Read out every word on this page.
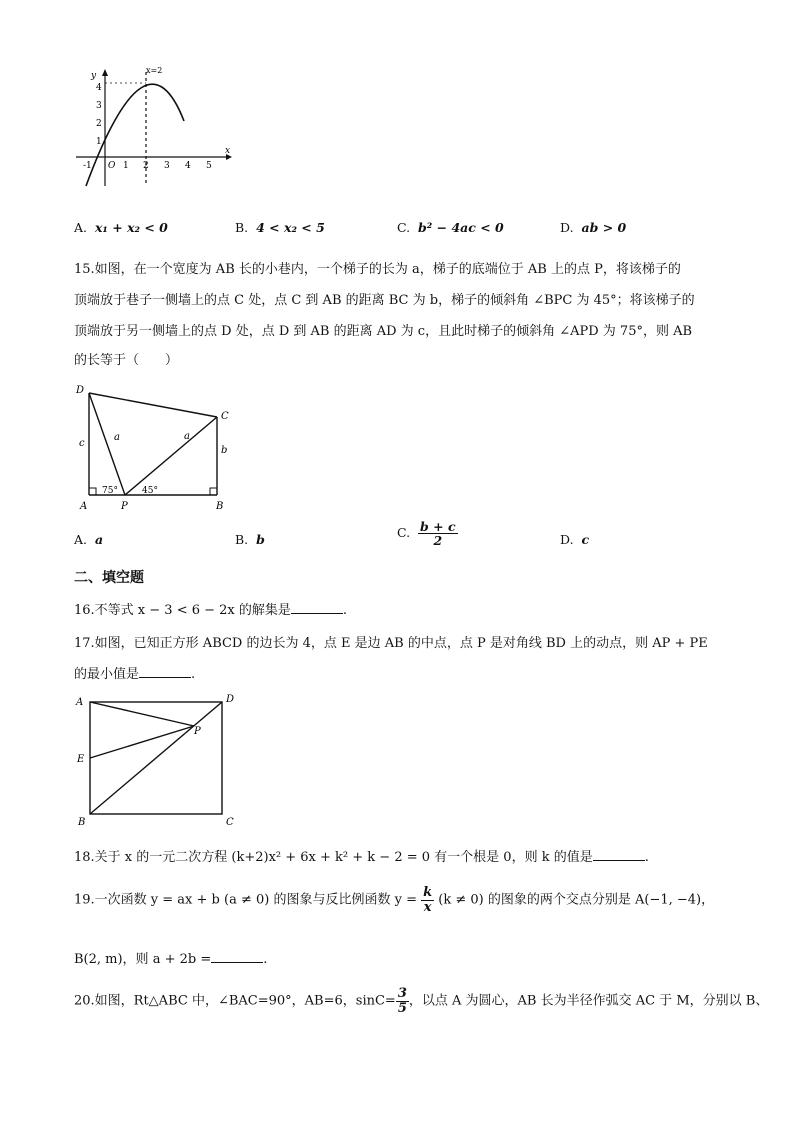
y
x
O
x=2
-1	1 2 3 4 5
1
2
3
4
A. x₁ + x₂ < 0	B. 4 < x₂ < 5	C. b² − 4ac < 0	D. ab > 0
15.如图，在一个宽度为 AB 长的小巷内，一个梯子的长为 a，梯子的底端位于 AB 上的点 P，将该梯子的
顶端放于巷子一侧墙上的点 C 处，点 C 到 AB 的距离 BC 为 b，梯子的倾斜角 ∠BPC 为 45°；将该梯子的
顶端放于另一侧墙上的点 D 处，点 D 到 AB 的距离 AD 为 c，且此时梯子的倾斜角 ∠APD 为 75°，则 AB
的长等于（　　）
D
C
A	P	B
c
a	a
b
75°	45°
A. a	B. b	C. $\frac{b + c}{2}$	D. c
二、填空题
16.不等式 x − 3 < 6 − 2x 的解集是	.
17.如图，已知正方形 ABCD 的边长为 4，点 E 是边 AB 的中点，点 P 是对角线 BD 上的动点，则 AP + PE
的最小值是	.
A	D
P
E
B	C
18.关于 x 的一元二次方程 (k+2)x² + 6x + k² + k − 2 = 0 有一个根是 0，则 k 的值是	.
19.一次函数 y = ax + b (a ≠ 0) 的图象与反比例函数 $y = \frac{k}{x} (k \ne 0)$ 的图象的两个交点分别是 A(−1, −4)，
B(2, m)，则 a + 2b =	.
20.如图，Rt△ABC 中，∠BAC=90°，AB=6，$\sin C= \frac{3}{5}$ ，以点 A 为圆心，AB 长为半径作弧交 AC 于 M，分别以 B、
